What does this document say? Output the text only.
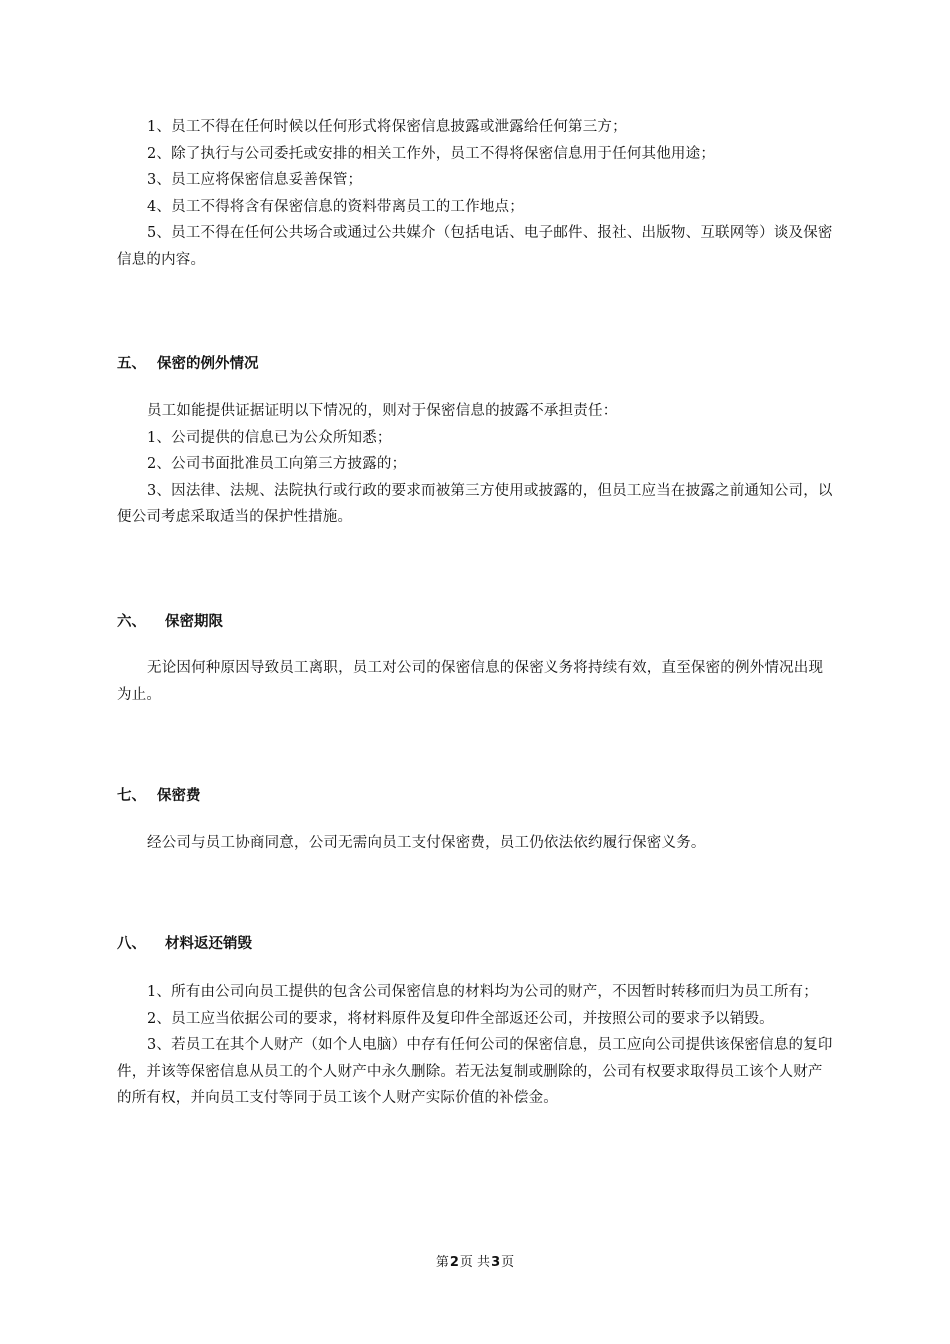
1、员工不得在任何时候以任何形式将保密信息披露或泄露给任何第三方；

2、除了执行与公司委托或安排的相关工作外，员工不得将保密信息用于任何其他用途；

3、员工应将保密信息妥善保管；

4、员工不得将含有保密信息的资料带离员工的工作地点；

5、员工不得在任何公共场合或通过公共媒介（包括电话、电子邮件、报社、出版物、互联网等）谈及保密信息的内容。

五、 保密的例外情况

员工如能提供证据证明以下情况的，则对于保密信息的披露不承担责任：

1、公司提供的信息已为公众所知悉；

2、公司书面批准员工向第三方披露的；

3、因法律、法规、法院执行或行政的要求而被第三方使用或披露的，但员工应当在披露之前通知公司，以便公司考虑采取适当的保护性措施。

六、 保密期限

无论因何种原因导致员工离职，员工对公司的保密信息的保密义务将持续有效，直至保密的例外情况出现为止。

七、 保密费

经公司与员工协商同意，公司无需向员工支付保密费，员工仍依法依约履行保密义务。

八、 材料返还销毁

1、所有由公司向员工提供的包含公司保密信息的材料均为公司的财产，不因暂时转移而归为员工所有；

2、员工应当依据公司的要求，将材料原件及复印件全部返还公司，并按照公司的要求予以销毁。

3、若员工在其个人财产（如个人电脑）中存有任何公司的保密信息，员工应向公司提供该保密信息的复印件，并该等保密信息从员工的个人财产中永久删除。若无法复制或删除的，公司有权要求取得员工该个人财产的所有权，并向员工支付等同于员工该个人财产实际价值的补偿金。

第2页 共3页
